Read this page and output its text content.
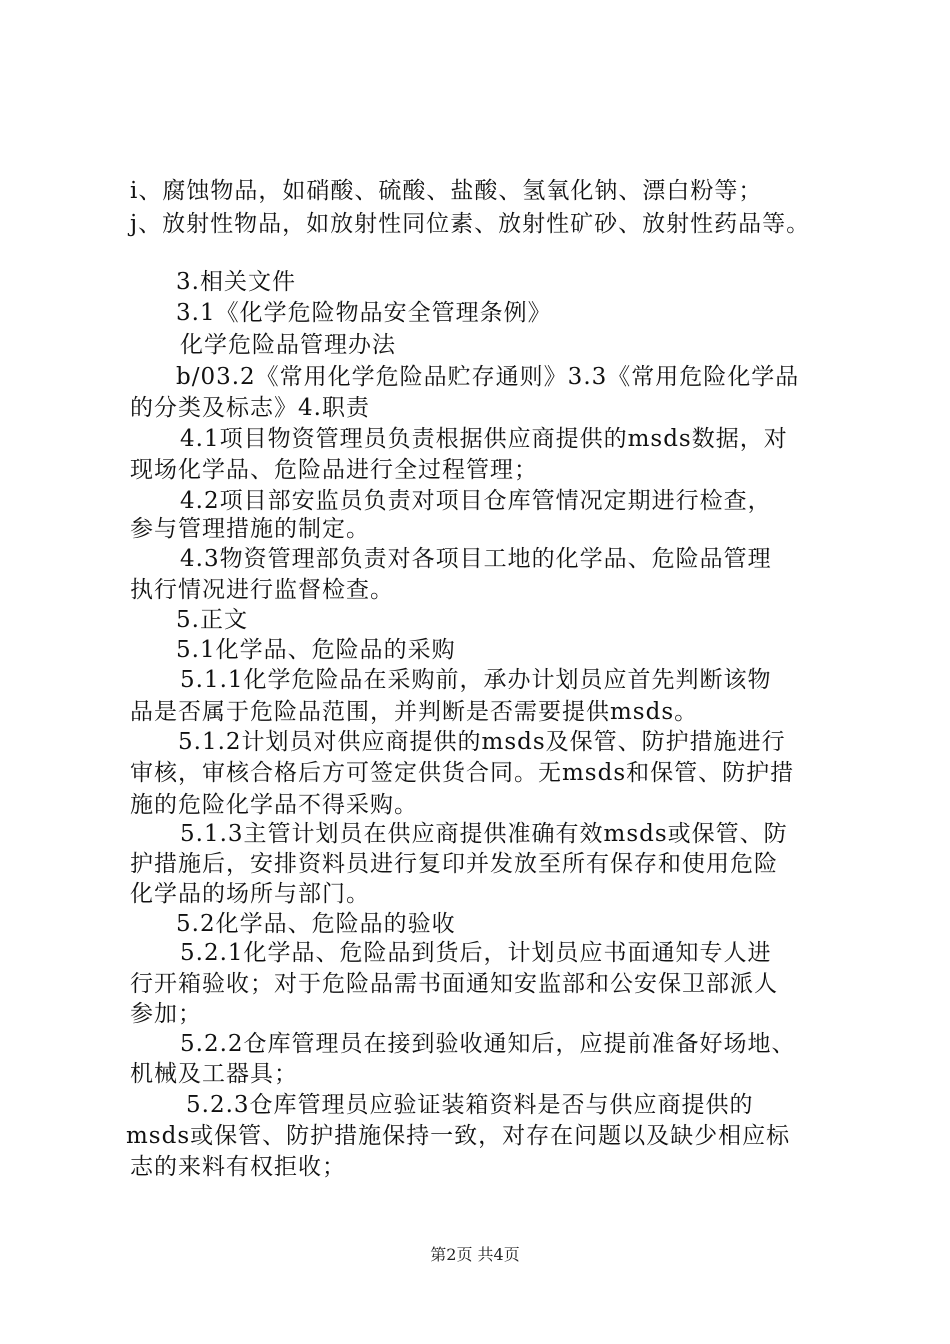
i、腐蚀物品，如硝酸、硫酸、盐酸、氢氧化钠、漂白粉等；
j、放射性物品，如放射性同位素、放射性矿砂、放射性药品等。
3.相关文件
3.1《化学危险物品安全管理条例》
化学危险品管理办法
b/03.2《常用化学危险品贮存通则》3.3《常用危险化学品
的分类及标志》4.职责
4.1项目物资管理员负责根据供应商提供的msds数据，对
现场化学品、危险品进行全过程管理；
4.2项目部安监员负责对项目仓库管情况定期进行检查，
参与管理措施的制定。
4.3物资管理部负责对各项目工地的化学品、危险品管理
执行情况进行监督检查。
5.正文
5.1化学品、危险品的采购
5.1.1化学危险品在采购前，承办计划员应首先判断该物
品是否属于危险品范围，并判断是否需要提供msds。
5.1.2计划员对供应商提供的msds及保管、防护措施进行
审核，审核合格后方可签定供货合同。无msds和保管、防护措
施的危险化学品不得采购。
5.1.3主管计划员在供应商提供准确有效msds或保管、防
护措施后，安排资料员进行复印并发放至所有保存和使用危险
化学品的场所与部门。
5.2化学品、危险品的验收
5.2.1化学品、危险品到货后，计划员应书面通知专人进
行开箱验收；对于危险品需书面通知安监部和公安保卫部派人
参加；
5.2.2仓库管理员在接到验收通知后，应提前准备好场地、
机械及工器具；
5.2.3仓库管理员应验证装箱资料是否与供应商提供的
msds或保管、防护措施保持一致，对存在问题以及缺少相应标
志的来料有权拒收；
第2页 共4页
